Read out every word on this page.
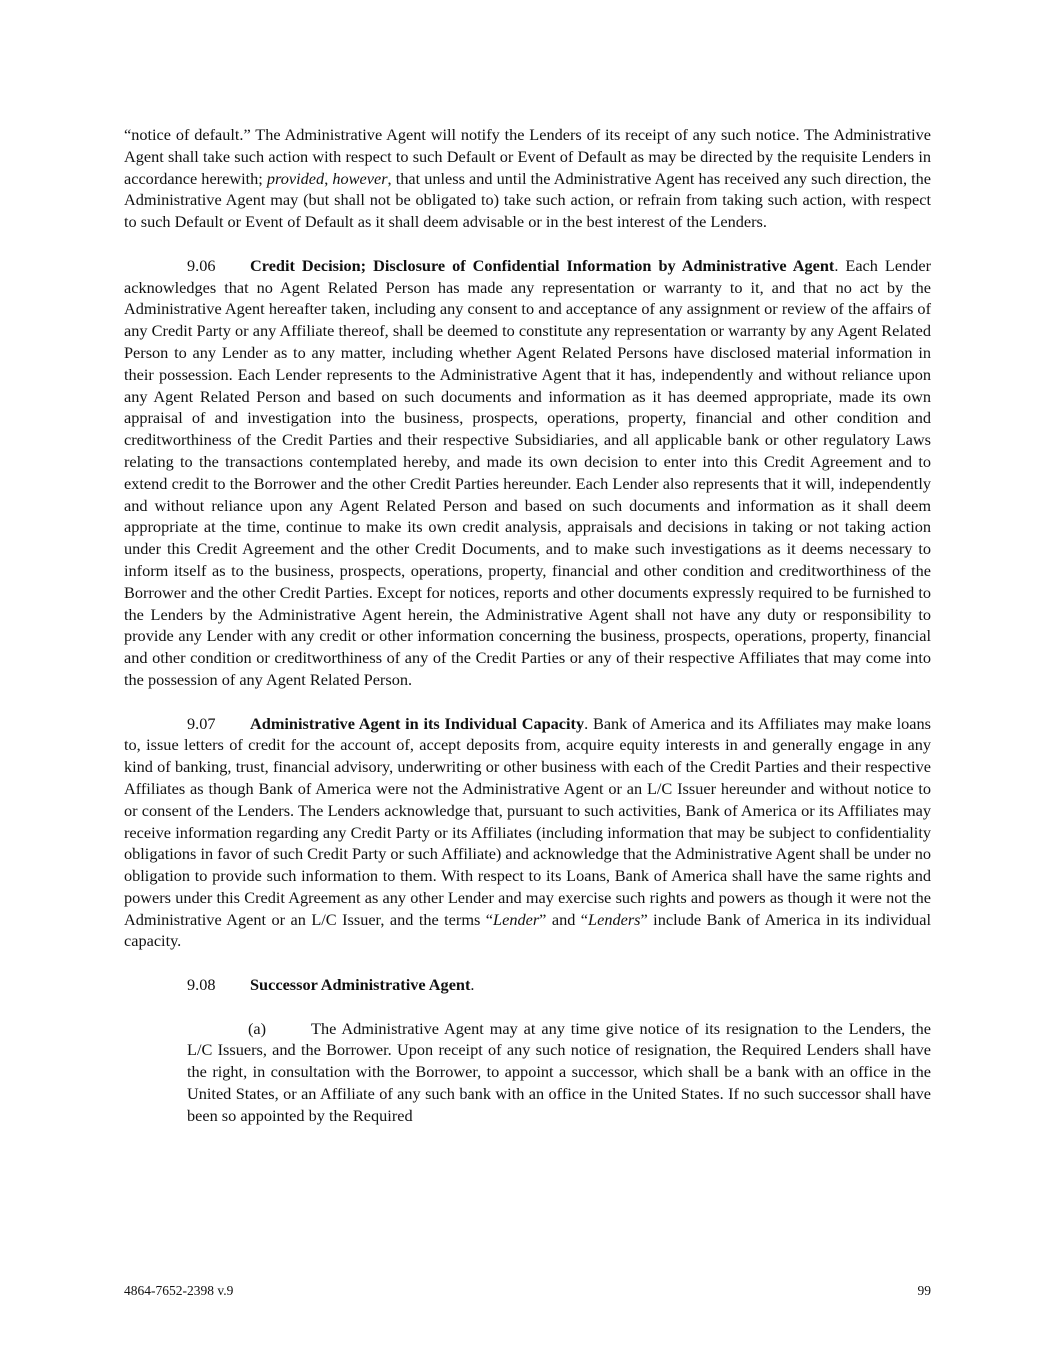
“notice of default.” The Administrative Agent will notify the Lenders of its receipt of any such notice. The Administrative Agent shall take such action with respect to such Default or Event of Default as may be directed by the requisite Lenders in accordance herewith; provided, however, that unless and until the Administrative Agent has received any such direction, the Administrative Agent may (but shall not be obligated to) take such action, or refrain from taking such action, with respect to such Default or Event of Default as it shall deem advisable or in the best interest of the Lenders.

9.06 Credit Decision; Disclosure of Confidential Information by Administrative Agent. Each Lender acknowledges that no Agent Related Person has made any representation or warranty to it, and that no act by the Administrative Agent hereafter taken, including any consent to and acceptance of any assignment or review of the affairs of any Credit Party or any Affiliate thereof, shall be deemed to constitute any representation or warranty by any Agent Related Person to any Lender as to any matter, including whether Agent Related Persons have disclosed material information in their possession. Each Lender represents to the Administrative Agent that it has, independently and without reliance upon any Agent Related Person and based on such documents and information as it has deemed appropriate, made its own appraisal of and investigation into the business, prospects, operations, property, financial and other condition and creditworthiness of the Credit Parties and their respective Subsidiaries, and all applicable bank or other regulatory Laws relating to the transactions contemplated hereby, and made its own decision to enter into this Credit Agreement and to extend credit to the Borrower and the other Credit Parties hereunder. Each Lender also represents that it will, independently and without reliance upon any Agent Related Person and based on such documents and information as it shall deem appropriate at the time, continue to make its own credit analysis, appraisals and decisions in taking or not taking action under this Credit Agreement and the other Credit Documents, and to make such investigations as it deems necessary to inform itself as to the business, prospects, operations, property, financial and other condition and creditworthiness of the Borrower and the other Credit Parties. Except for notices, reports and other documents expressly required to be furnished to the Lenders by the Administrative Agent herein, the Administrative Agent shall not have any duty or responsibility to provide any Lender with any credit or other information concerning the business, prospects, operations, property, financial and other condition or creditworthiness of any of the Credit Parties or any of their respective Affiliates that may come into the possession of any Agent Related Person.

9.07 Administrative Agent in its Individual Capacity. Bank of America and its Affiliates may make loans to, issue letters of credit for the account of, accept deposits from, acquire equity interests in and generally engage in any kind of banking, trust, financial advisory, underwriting or other business with each of the Credit Parties and their respective Affiliates as though Bank of America were not the Administrative Agent or an L/C Issuer hereunder and without notice to or consent of the Lenders. The Lenders acknowledge that, pursuant to such activities, Bank of America or its Affiliates may receive information regarding any Credit Party or its Affiliates (including information that may be subject to confidentiality obligations in favor of such Credit Party or such Affiliate) and acknowledge that the Administrative Agent shall be under no obligation to provide such information to them. With respect to its Loans, Bank of America shall have the same rights and powers under this Credit Agreement as any other Lender and may exercise such rights and powers as though it were not the Administrative Agent or an L/C Issuer, and the terms “Lender” and “Lenders” include Bank of America in its individual capacity.

9.08 Successor Administrative Agent.

(a)	The Administrative Agent may at any time give notice of its resignation to the Lenders, the L/C Issuers, and the Borrower. Upon receipt of any such notice of resignation, the Required Lenders shall have the right, in consultation with the Borrower, to appoint a successor, which shall be a bank with an office in the United States, or an Affiliate of any such bank with an office in the United States. If no such successor shall have been so appointed by the Required

4864-7652-2398 v.9	99
